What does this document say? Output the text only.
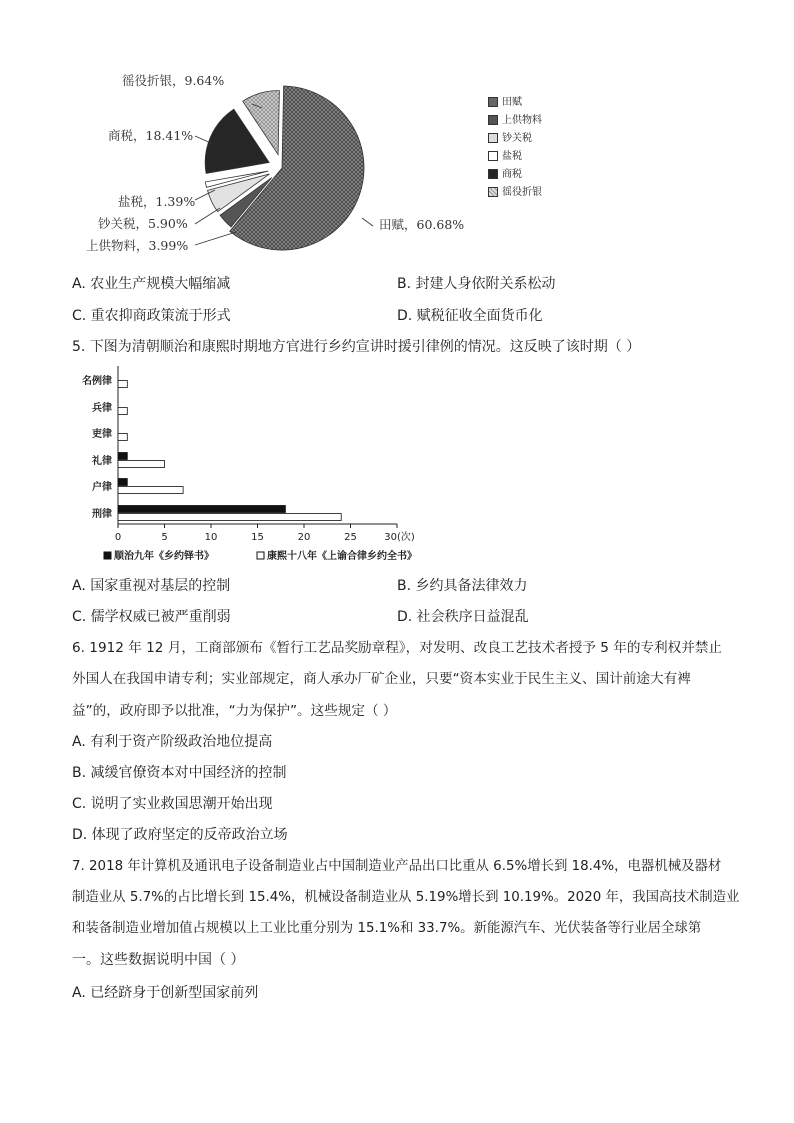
徭役折银，9.64%
商税，18.41%
盐税，1.39%
钞关税，5.90%
上供物料，3.99%
田赋，60.68%
田赋
上供物料
钞关税
盐税
商税
徭役折银
A. 农业生产规模大幅缩减	B. 封建人身依附关系松动
C. 重农抑商政策流于形式	D. 赋税征收全面货币化
5. 下图为清朝顺治和康熙时期地方官进行乡约宣讲时援引律例的情况。这反映了该时期（ ）
名例律
兵律
吏律
礼律
户律
刑律
0	5	10	15	20	25	30 (次)
顺治九年《乡约铎书》	康熙十八年《上谕合律乡约全书》
A. 国家重视对基层的控制	B. 乡约具备法律效力
C. 儒学权威已被严重削弱	D. 社会秩序日益混乱
6. 1912 年 12 月，工商部颁布《暂行工艺品奖励章程》，对发明、改良工艺技术者授予 5 年的专利权并禁止
外国人在我国申请专利；实业部规定，商人承办厂矿企业，只要“资本实业于民生主义、国计前途大有裨
益”的，政府即予以批准，“力为保护”。这些规定（ ）
A. 有利于资产阶级政治地位提高
B. 减缓官僚资本对中国经济的控制
C. 说明了实业救国思潮开始出现
D. 体现了政府坚定的反帝政治立场
7. 2018 年计算机及通讯电子设备制造业占中国制造业产品出口比重从 6.5%增长到 18.4%，电器机械及器材
制造业从 5.7%的占比增长到 15.4%，机械设备制造业从 5.19%增长到 10.19%。2020 年，我国高技术制造业
和装备制造业增加值占规模以上工业比重分别为 15.1%和 33.7%。新能源汽车、光伏装备等行业居全球第
一。这些数据说明中国（ ）
A. 已经跻身于创新型国家前列
